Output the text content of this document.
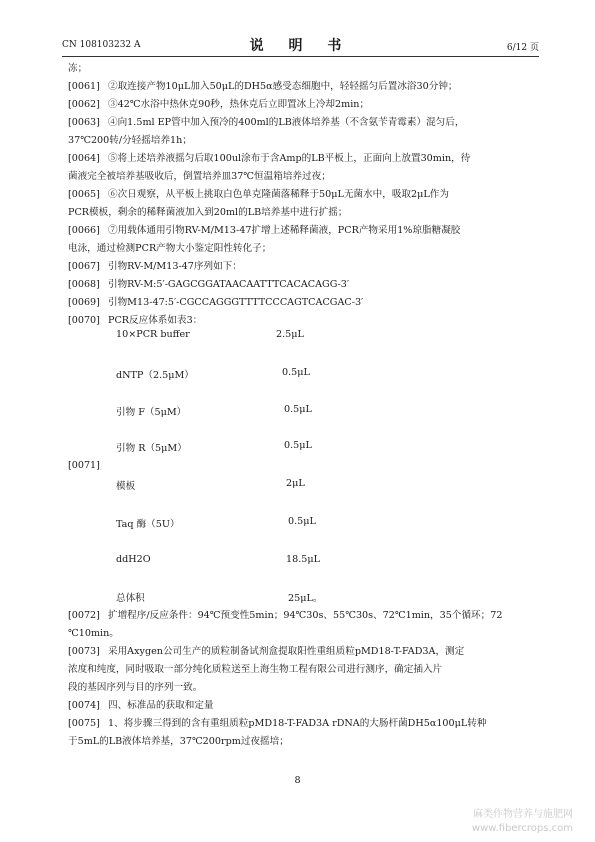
CN 108103232 A	说 明 书	6/12 页
冻；
[0061] ②取连接产物10μL加入50μL的DH5α感受态细胞中，轻轻摇匀后置冰浴30分钟；
[0062] ③42℃水浴中热休克90秒，热休克后立即置冰上冷却2min；
[0063] ④向1.5ml EP管中加入预冷的400ml的LB液体培养基（不含氨苄青霉素）混匀后，
37℃200转/分轻摇培养1h；
[0064] ⑤将上述培养液摇匀后取100ul涂布于含Amp的LB平板上，正面向上放置30min，待
菌液完全被培养基吸收后，倒置培养皿37℃恒温箱培养过夜；
[0065] ⑥次日观察，从平板上挑取白色单克隆菌落稀释于50μL无菌水中，吸取2μL作为
PCR模板，剩余的稀释菌液加入到20ml的LB培养基中进行扩摇；
[0066] ⑦用载体通用引物RV-M/M13-47扩增上述稀释菌液，PCR产物采用1%琼脂糖凝胶
电泳，通过检测PCR产物大小鉴定阳性转化子；
[0067] 引物RV-M/M13-47序列如下：
[0068] 引物RV-M:5′-GAGCGGATAACAATTTCACACAGG-3′
[0069] 引物M13-47:5′-CGCCAGGGTTTTCCCAGTCACGAC-3′
[0070] PCR反应体系如表3：
10×PCR buffer	2.5μL
dNTP（2.5μM）	0.5μL
引物 F（5μM）	0.5μL
引物 R（5μM）	0.5μL
[0071]
模板	2μL
Taq 酶（5U）	0.5μL
ddH2O	18.5μL
总体积	25μL。
[0072] 扩增程序/反应条件：94℃预变性5min；94℃30s、55℃30s、72℃1min，35个循环；72
℃10min。
[0073] 采用Axygen公司生产的质粒制备试剂盒提取阳性重组质粒pMD18-T-FAD3A，测定
浓度和纯度，同时吸取一部分纯化质粒送至上海生物工程有限公司进行测序，确定插入片
段的基因序列与目的序列一致。
[0074] 四、标准品的获取和定量
[0075] 1、将步骤三得到的含有重组质粒pMD18-T-FAD3A rDNA的大肠杆菌DH5α100μL转种
于5mL的LB液体培养基，37℃200rpm过夜摇培；
8
麻类作物营养与施肥网
www.fibercrops.com
